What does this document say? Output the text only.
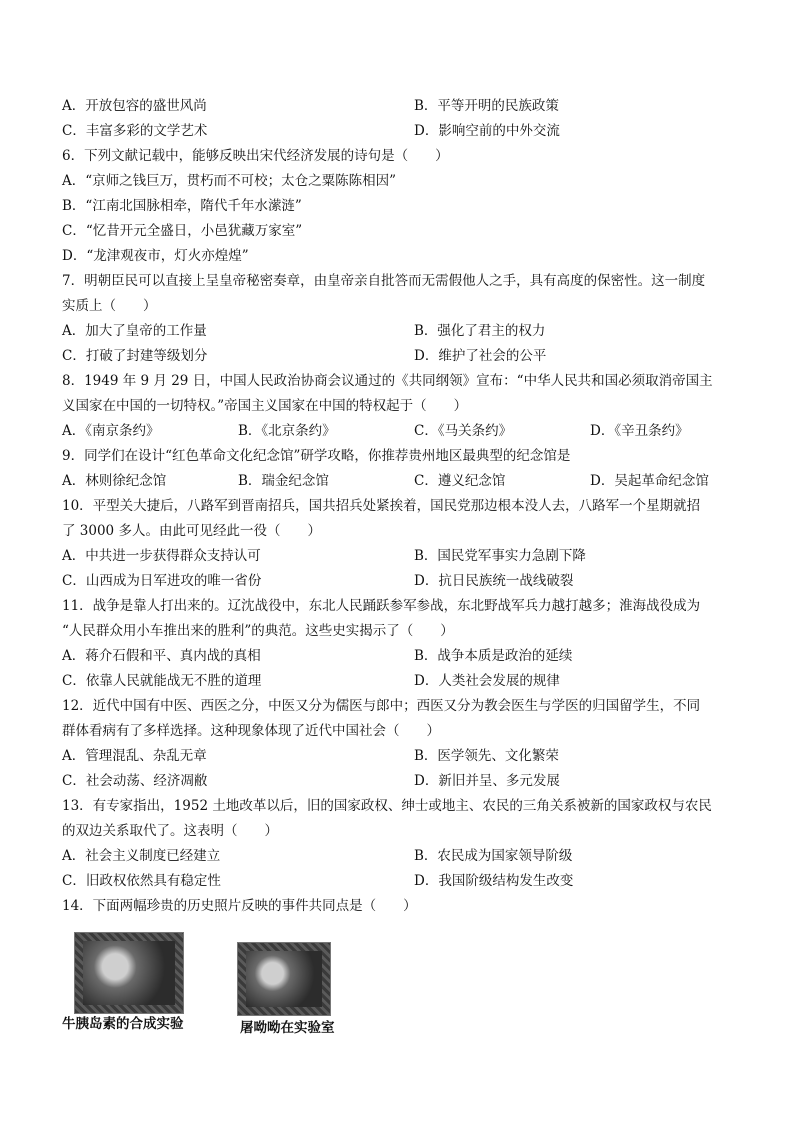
A．开放包容的盛世风尚	B．平等开明的民族政策
C．丰富多彩的文学艺术	D．影响空前的中外交流
6．下列文献记载中，能够反映出宋代经济发展的诗句是（　　）
A．“京师之钱巨万，贯朽而不可校；太仓之粟陈陈相因”
B．“江南北国脉相牵，隋代千年水潆涟”
C．“忆昔开元全盛日，小邑犹藏万家室”
D．“龙津观夜市，灯火亦煌煌”
7．明朝臣民可以直接上呈皇帝秘密奏章，由皇帝亲自批答而无需假他人之手，具有高度的保密性。这一制度
实质上（　　）
A．加大了皇帝的工作量	B．强化了君主的权力
C．打破了封建等级划分	D．维护了社会的公平
8．1949 年 9 月 29 日，中国人民政治协商会议通过的《共同纲领》宣布：“中华人民共和国必须取消帝国主
义国家在中国的一切特权。”帝国主义国家在中国的特权起于（　　）
A．《南京条约》	B．《北京条约》	C．《马关条约》	D．《辛丑条约》
9．同学们在设计“红色革命文化纪念馆”研学攻略，你推荐贵州地区最典型的纪念馆是
A．林则徐纪念馆	B．瑞金纪念馆	C．遵义纪念馆	D．吴起革命纪念馆
10．平型关大捷后，八路军到晋南招兵，国共招兵处紧挨着，国民党那边根本没人去，八路军一个星期就招
了 3000 多人。由此可见经此一役（　　）
A．中共进一步获得群众支持认可	B．国民党军事实力急剧下降
C．山西成为日军进攻的唯一省份	D．抗日民族统一战线破裂
11．战争是靠人打出来的。辽沈战役中，东北人民踊跃参军参战，东北野战军兵力越打越多；淮海战役成为
“人民群众用小车推出来的胜利”的典范。这些史实揭示了（　　）
A．蒋介石假和平、真内战的真相	B．战争本质是政治的延续
C．依靠人民就能战无不胜的道理	D．人类社会发展的规律
12．近代中国有中医、西医之分，中医又分为儒医与郎中；西医又分为教会医生与学医的归国留学生，不同
群体看病有了多样选择。这种现象体现了近代中国社会（　　）
A．管理混乱、杂乱无章	B．医学领先、文化繁荣
C．社会动荡、经济凋敝	D．新旧并呈、多元发展
13．有专家指出，1952 土地改革以后，旧的国家政权、绅士或地主、农民的三角关系被新的国家政权与农民
的双边关系取代了。这表明（　　）
A．社会主义制度已经建立	B．农民成为国家领导阶级
C．旧政权依然具有稳定性	D．我国阶级结构发生改变
14．下面两幅珍贵的历史照片反映的事件共同点是（　　）
牛胰岛素的合成实验	屠呦呦在实验室
